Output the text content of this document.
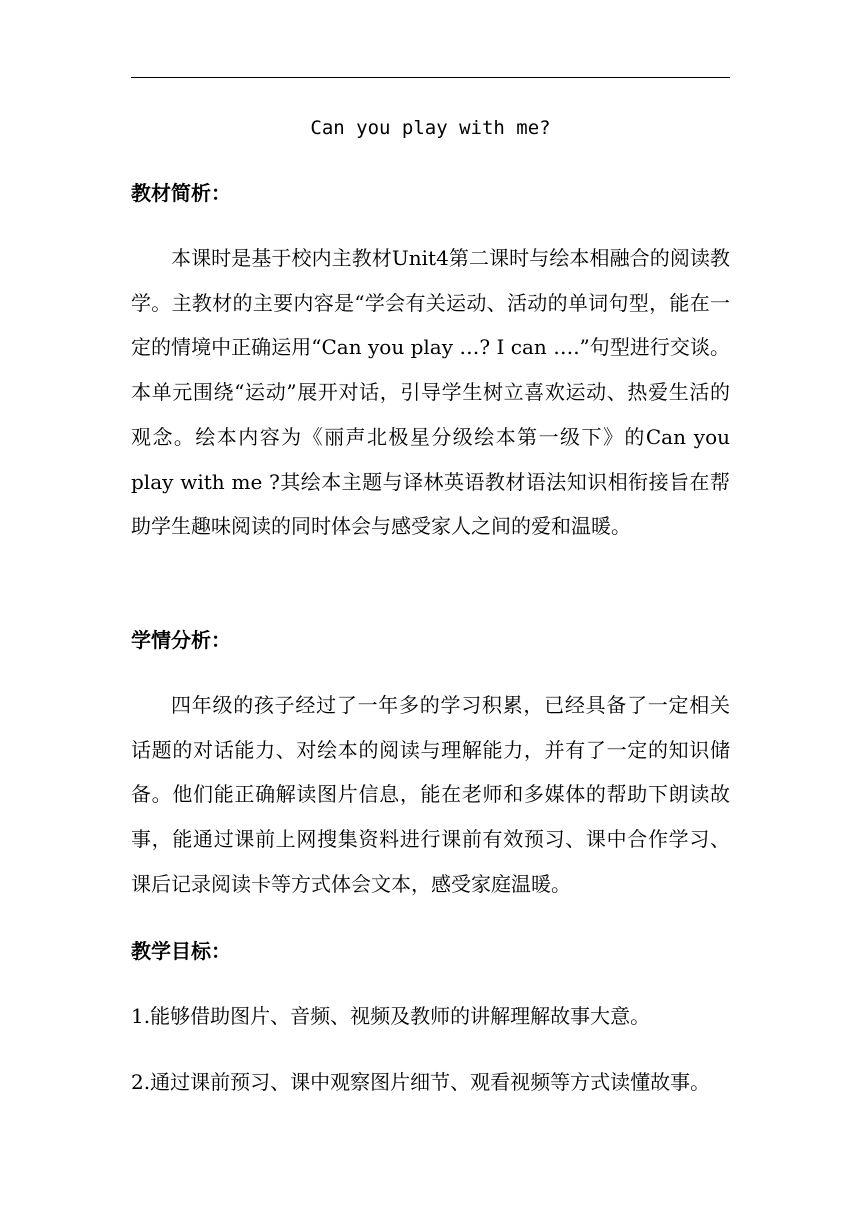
Can you play with me?
教材简析：

本课时是基于校内主教材Unit4第二课时与绘本相融合的阅读教学。主教材的主要内容是“学会有关运动、活动的单词句型，能在一定的情境中正确运用“Can you play …? I can ….”句型进行交谈。本单元围绕“运动”展开对话，引导学生树立喜欢运动、热爱生活的观念。绘本内容为《丽声北极星分级绘本第一级下》的Can you play with me ?其绘本主题与译林英语教材语法知识相衔接旨在帮助学生趣味阅读的同时体会与感受家人之间的爱和温暖。

学情分析：

四年级的孩子经过了一年多的学习积累，已经具备了一定相关话题的对话能力、对绘本的阅读与理解能力，并有了一定的知识储备。他们能正确解读图片信息，能在老师和多媒体的帮助下朗读故事，能通过课前上网搜集资料进行课前有效预习、课中合作学习、课后记录阅读卡等方式体会文本，感受家庭温暖。

教学目标：

1.能够借助图片、音频、视频及教师的讲解理解故事大意。

2.通过课前预习、课中观察图片细节、观看视频等方式读懂故事。
